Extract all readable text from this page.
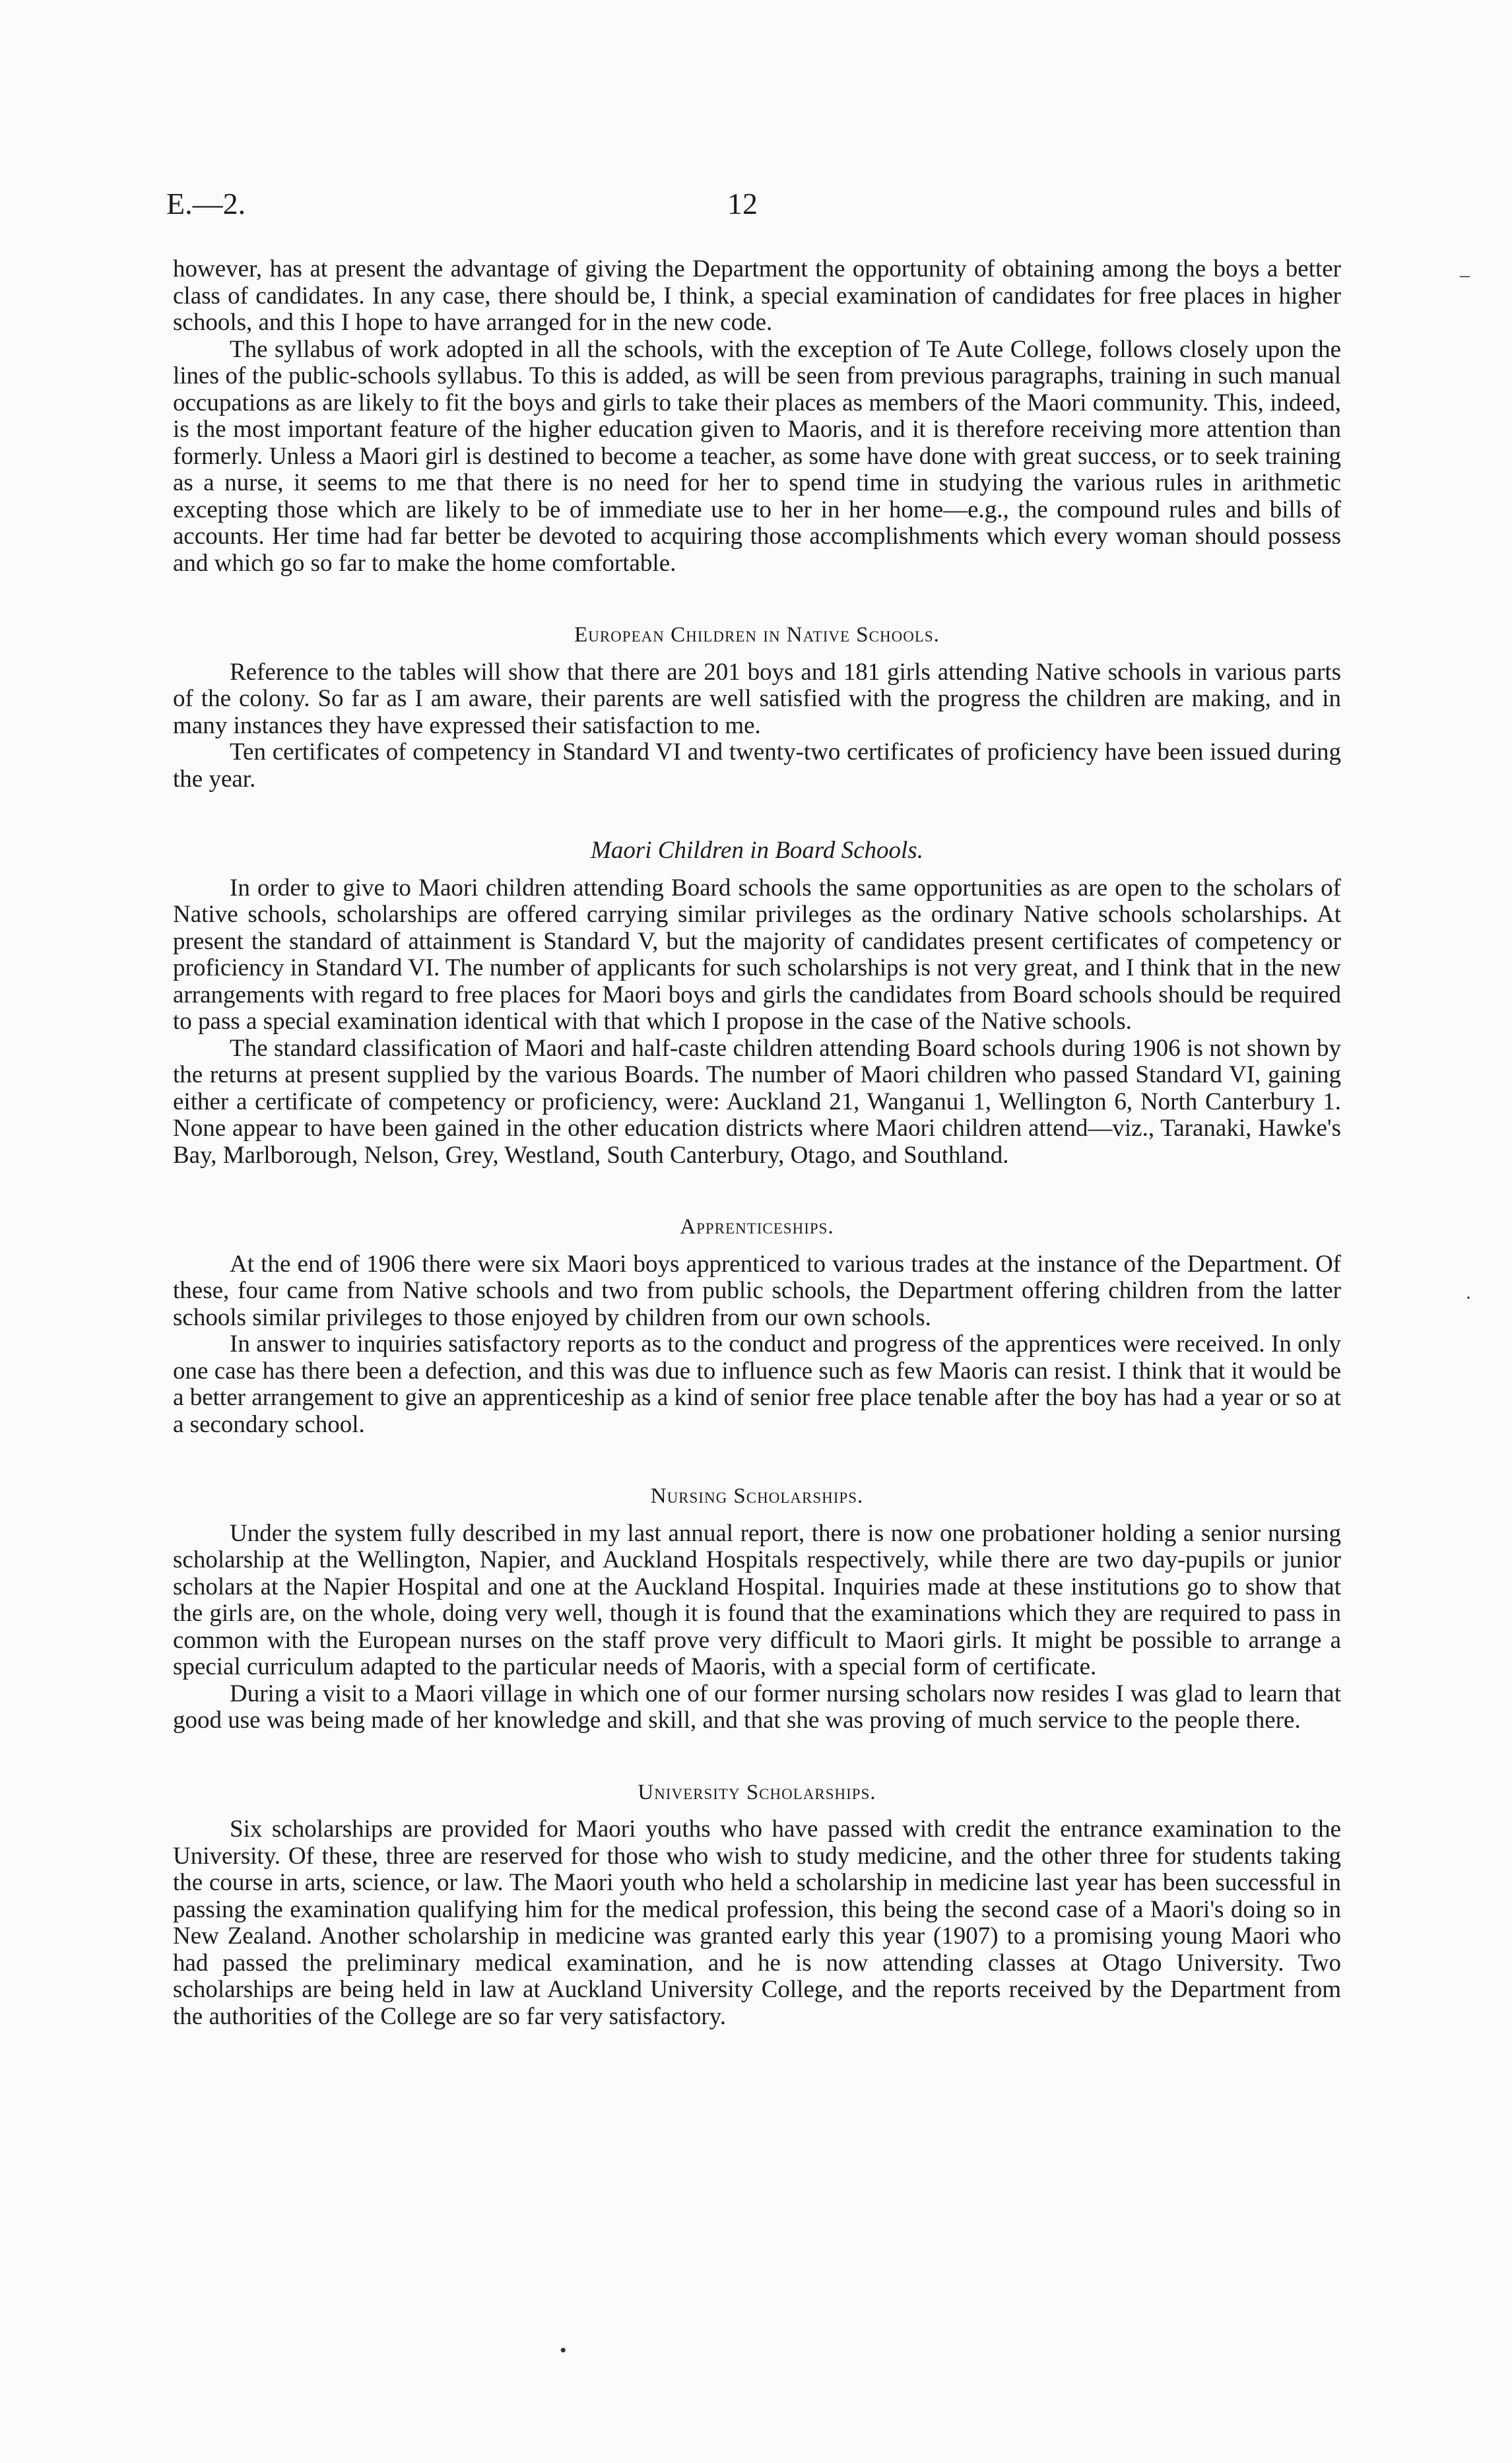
E.—2.	12

however, has at present the advantage of giving the Department the opportunity of obtaining among the boys a better class of candidates. In any case, there should be, I think, a special examination of candidates for free places in higher schools, and this I hope to have arranged for in the new code.

The syllabus of work adopted in all the schools, with the exception of Te Aute College, follows closely upon the lines of the public-schools syllabus. To this is added, as will be seen from previous paragraphs, training in such manual occupations as are likely to fit the boys and girls to take their places as members of the Maori community. This, indeed, is the most important feature of the higher education given to Maoris, and it is therefore receiving more attention than formerly. Unless a Maori girl is destined to become a teacher, as some have done with great success, or to seek training as a nurse, it seems to me that there is no need for her to spend time in studying the various rules in arithmetic excepting those which are likely to be of immediate use to her in her home—e.g., the compound rules and bills of accounts. Her time had far better be devoted to acquiring those accomplishments which every woman should possess and which go so far to make the home comfortable.

European Children in Native Schools.

Reference to the tables will show that there are 201 boys and 181 girls attending Native schools in various parts of the colony. So far as I am aware, their parents are well satisfied with the progress the children are making, and in many instances they have expressed their satisfaction to me.

Ten certificates of competency in Standard VI and twenty-two certificates of proficiency have been issued during the year.

Maori Children in Board Schools.

In order to give to Maori children attending Board schools the same opportunities as are open to the scholars of Native schools, scholarships are offered carrying similar privileges as the ordinary Native schools scholarships. At present the standard of attainment is Standard V, but the majority of candidates present certificates of competency or proficiency in Standard VI. The number of applicants for such scholarships is not very great, and I think that in the new arrangements with regard to free places for Maori boys and girls the candidates from Board schools should be required to pass a special examination identical with that which I propose in the case of the Native schools.

The standard classification of Maori and half-caste children attending Board schools during 1906 is not shown by the returns at present supplied by the various Boards. The number of Maori children who passed Standard VI, gaining either a certificate of competency or proficiency, were: Auckland 21, Wanganui 1, Wellington 6, North Canterbury 1. None appear to have been gained in the other education districts where Maori children attend—viz., Taranaki, Hawke's Bay, Marlborough, Nelson, Grey, Westland, South Canterbury, Otago, and Southland.

Apprenticeships.

At the end of 1906 there were six Maori boys apprenticed to various trades at the instance of the Department. Of these, four came from Native schools and two from public schools, the Department offering children from the latter schools similar privileges to those enjoyed by children from our own schools.

In answer to inquiries satisfactory reports as to the conduct and progress of the apprentices were received. In only one case has there been a defection, and this was due to influence such as few Maoris can resist. I think that it would be a better arrangement to give an apprenticeship as a kind of senior free place tenable after the boy has had a year or so at a secondary school.

Nursing Scholarships.

Under the system fully described in my last annual report, there is now one probationer holding a senior nursing scholarship at the Wellington, Napier, and Auckland Hospitals respectively, while there are two day-pupils or junior scholars at the Napier Hospital and one at the Auckland Hospital. Inquiries made at these institutions go to show that the girls are, on the whole, doing very well, though it is found that the examinations which they are required to pass in common with the European nurses on the staff prove very difficult to Maori girls. It might be possible to arrange a special curriculum adapted to the particular needs of Maoris, with a special form of certificate.

During a visit to a Maori village in which one of our former nursing scholars now resides I was glad to learn that good use was being made of her knowledge and skill, and that she was proving of much service to the people there.

University Scholarships.

Six scholarships are provided for Maori youths who have passed with credit the entrance examination to the University. Of these, three are reserved for those who wish to study medicine, and the other three for students taking the course in arts, science, or law. The Maori youth who held a scholarship in medicine last year has been successful in passing the examination qualifying him for the medical profession, this being the second case of a Maori's doing so in New Zealand. Another scholarship in medicine was granted early this year (1907) to a promising young Maori who had passed the preliminary medical examination, and he is now attending classes at Otago University. Two scholarships are being held in law at Auckland University College, and the reports received by the Department from the authorities of the College are so far very satisfactory.

–
·
•
